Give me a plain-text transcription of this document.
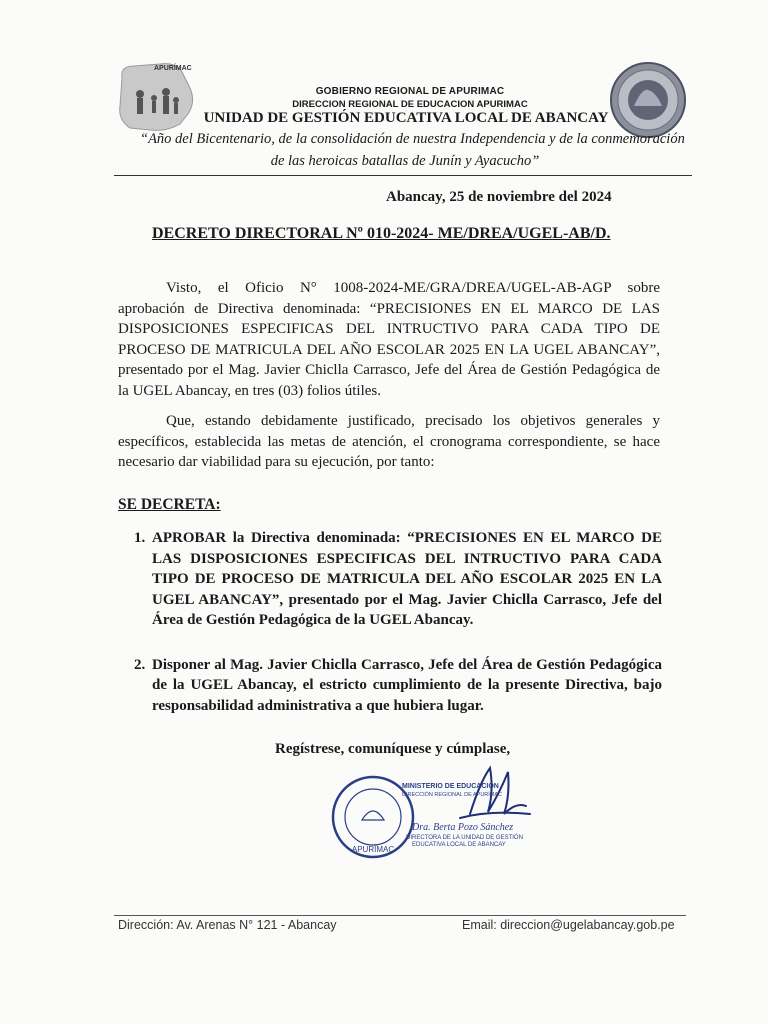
APURÍMAC
GOBIERNO REGIONAL DE APURIMAC
DIRECCION REGIONAL DE EDUCACION APURIMAC
UNIDAD DE GESTIÓN EDUCATIVA LOCAL DE ABANCAY
“Año del Bicentenario, de la consolidación de nuestra Independencia y de la conmemoración
de las heroicas batallas de Junín y Ayacucho”
Abancay, 25 de noviembre del 2024
DECRETO DIRECTORAL Nº 010-2024- ME/DREA/UGEL-AB/D.
Visto, el Oficio N° 1008-2024-ME/GRA/DREA/UGEL-AB-AGP sobre aprobación de Directiva denominada: “PRECISIONES EN EL MARCO DE LAS DISPOSICIONES ESPECIFICAS DEL INTRUCTIVO PARA CADA TIPO DE PROCESO DE MATRICULA DEL AÑO ESCOLAR 2025 EN LA UGEL ABANCAY”, presentado por el Mag. Javier Chiclla Carrasco, Jefe del Área de Gestión Pedagógica de la UGEL Abancay, en tres (03) folios útiles.
Que, estando debidamente justificado, precisado los objetivos generales y específicos, establecida las metas de atención, el cronograma correspondiente, se hace necesario dar viabilidad para su ejecución, por tanto:
SE DECRETA:
1. APROBAR la Directiva denominada: “PRECISIONES EN EL MARCO DE LAS DISPOSICIONES ESPECIFICAS DEL INTRUCTIVO PARA CADA TIPO DE PROCESO DE MATRICULA DEL AÑO ESCOLAR 2025 EN LA UGEL ABANCAY”, presentado por el Mag. Javier Chiclla Carrasco, Jefe del Área de Gestión Pedagógica de la UGEL Abancay.
2. Disponer al Mag. Javier Chiclla Carrasco, Jefe del Área de Gestión Pedagógica de la UGEL Abancay, el estricto cumplimiento de la presente Directiva, bajo responsabilidad administrativa a que hubiera lugar.
Regístrese, comuníquese y cúmplase,
APURÍMAC
MINISTERIO DE EDUCACIÓN
DIRECCIÓN REGIONAL DE APURÍMAC
Dra. Berta Pozo Sánchez
DIRECTORA DE LA UNIDAD DE GESTIÓN
EDUCATIVA LOCAL DE ABANCAY
Dirección: Av. Arenas N° 121 - Abancay	Email: direccion@ugelabancay.gob.pe
